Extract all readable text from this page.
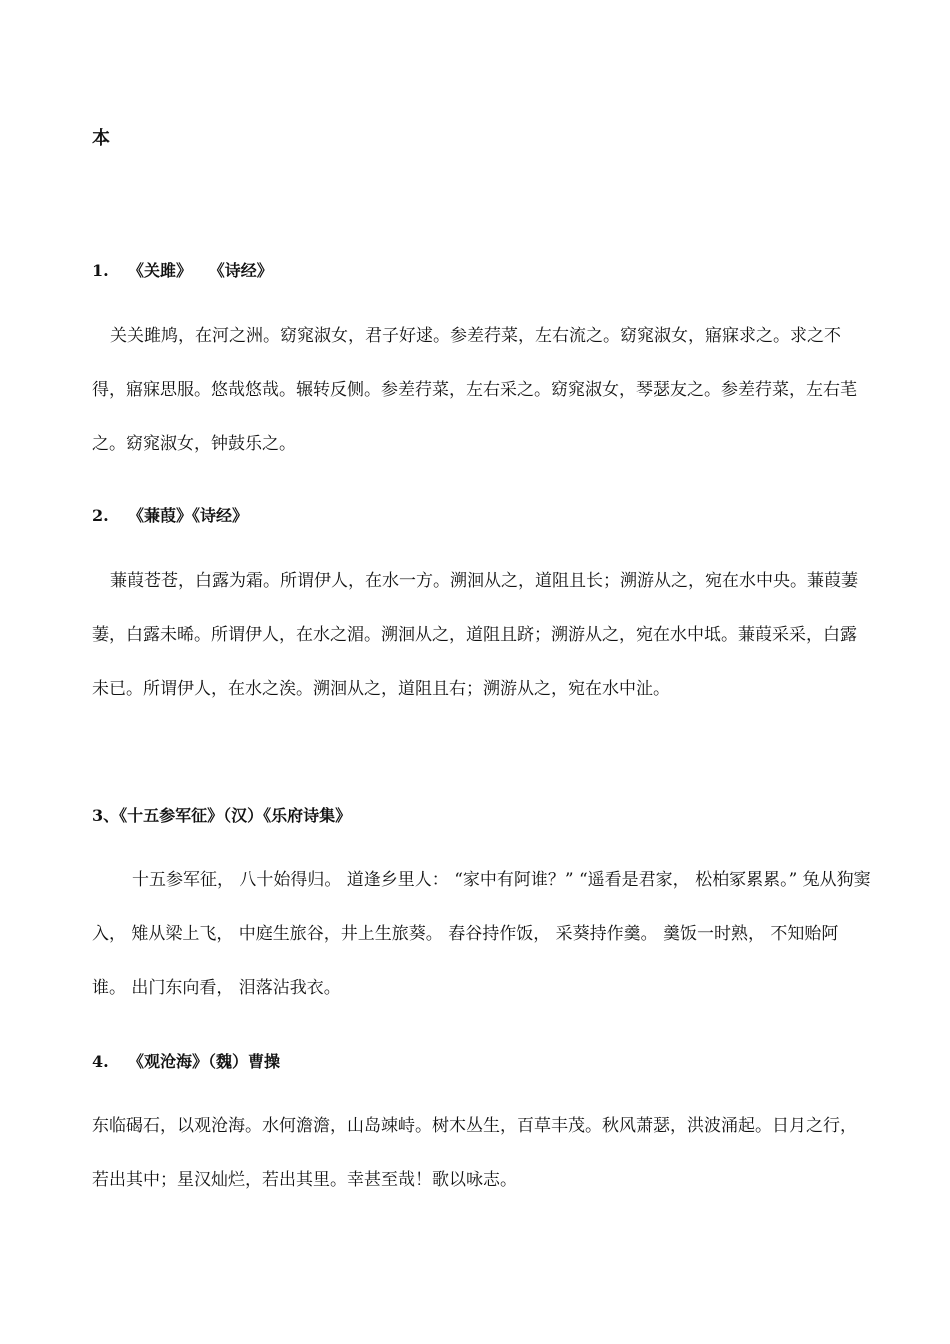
本
1. 《关雎》   《诗经》

关关雎鸠，在河之洲。窈窕淑女，君子好逑。参差荇菜，左右流之。窈窕淑女，寤寐求之。求之不得，寤寐思服。悠哉悠哉。辗转反侧。参差荇菜，左右采之。窈窕淑女，琴瑟友之。参差荇菜，左右芼之。窈窕淑女，钟鼓乐之。

2. 《蒹葭》《诗经》

蒹葭苍苍，白露为霜。所谓伊人，在水一方。溯洄从之，道阻且长；溯游从之，宛在水中央。蒹葭萋萋，白露未晞。所谓伊人，在水之湄。溯洄从之，道阻且跻；溯游从之，宛在水中坻。蒹葭采采，白露未已。所谓伊人，在水之涘。溯洄从之，道阻且右；溯游从之，宛在水中沚。

3、《十五参军征》（汉）《乐府诗集》

十五参军征， 八十始得归。 道逢乡里人： “家中有阿谁？” “遥看是君家， 松柏冢累累。” 兔从狗窦入， 雉从梁上飞， 中庭生旅谷，井上生旅葵。 舂谷持作饭， 采葵持作羹。 羹饭一时熟， 不知贻阿谁。 出门东向看， 泪落沾我衣。

4. 《观沧海》（魏）曹操

东临碣石，以观沧海。水何澹澹，山岛竦峙。树木丛生，百草丰茂。秋风萧瑟，洪波涌起。日月之行，若出其中；星汉灿烂，若出其里。幸甚至哉！歌以咏志。
